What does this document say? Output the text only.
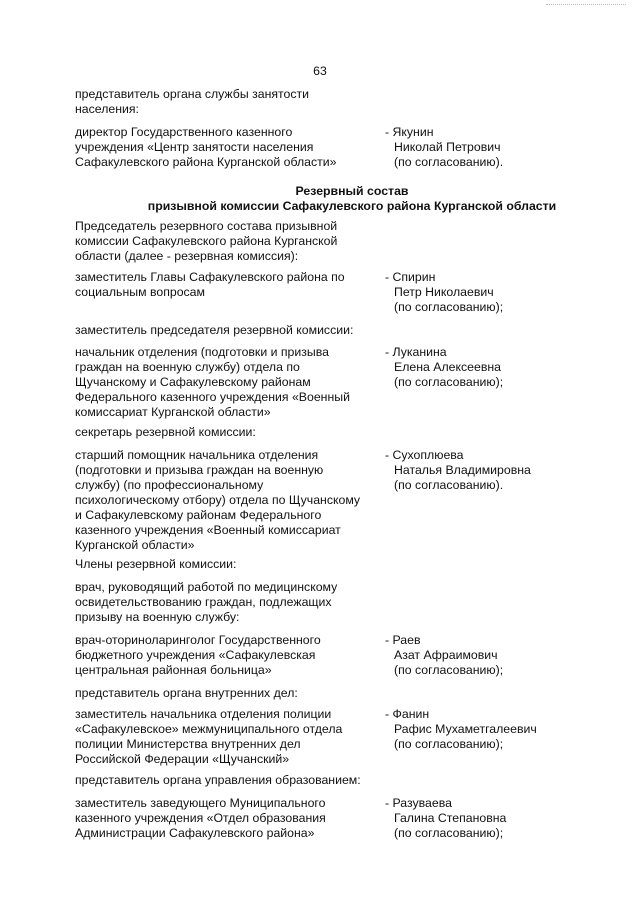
63
представитель органа службы занятости
населения:
директор Государственного казенного
учреждения «Центр занятости населения
Сафакулевского района Курганской области»
- Якунин
Николай Петрович
(по согласованию).
Резервный состав
призывной комиссии Сафакулевского района Курганской области
Председатель резервного состава призывной
комиссии Сафакулевского района Курганской
области (далее - резервная комиссия):
заместитель Главы Сафакулевского района по
социальным вопросам
- Спирин
Петр Николаевич
(по согласованию);
заместитель председателя резервной комиссии:
начальник отделения (подготовки и призыва
граждан на военную службу) отдела по
Щучанскому и Сафакулевскому районам
Федерального казенного учреждения «Военный
комиссариат Курганской области»
- Луканина
Елена Алексеевна
(по согласованию);
секретарь резервной комиссии:
старший помощник начальника отделения
(подготовки и призыва граждан на военную
службу) (по профессиональному
психологическому отбору) отдела по Щучанскому
и Сафакулевскому районам Федерального
казенного учреждения «Военный комиссариат
Курганской области»
- Сухоплюева
Наталья Владимировна
(по согласованию).
Члены резервной комиссии:
врач, руководящий работой по медицинскому
освидетельствованию граждан, подлежащих
призыву на военную службу:
врач-оториноларинголог Государственного
бюджетного учреждения «Сафакулевская
центральная районная больница»
- Раев
Азат Афраимович
(по согласованию);
представитель органа внутренних дел:
заместитель начальника отделения полиции
«Сафакулевское» межмуниципального отдела
полиции Министерства внутренних дел
Российской Федерации «Щучанский»
- Фанин
Рафис Мухаметгалеевич
(по согласованию);
представитель органа управления образованием:
заместитель заведующего Муниципального
казенного учреждения «Отдел образования
Администрации Сафакулевского района»
- Разуваева
Галина Степановна
(по согласованию);
